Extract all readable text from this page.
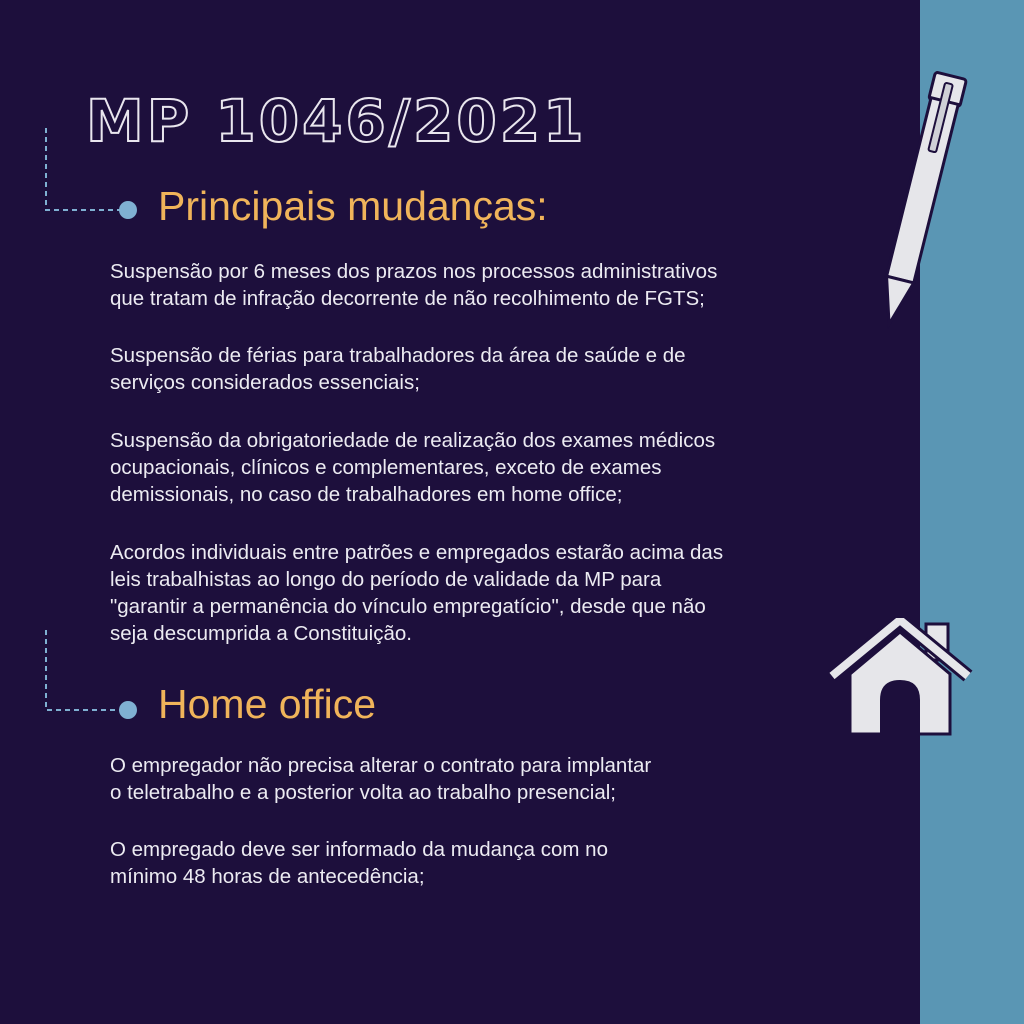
MP 1046/2021
Principais mudanças:

Suspensão por 6 meses dos prazos nos processos administrativos
que tratam de infração decorrente de não recolhimento de FGTS;

Suspensão de férias para trabalhadores da área de saúde e de
serviços considerados essenciais;

Suspensão da obrigatoriedade de realização dos exames médicos
ocupacionais, clínicos e complementares, exceto de exames
demissionais, no caso de trabalhadores em home office;

Acordos individuais entre patrões e empregados estarão acima das
leis trabalhistas ao longo do período de validade da MP para
"garantir a permanência do vínculo empregatício", desde que não
seja descumprida a Constituição.

Home office

O empregador não precisa alterar o contrato para implantar
o teletrabalho e a posterior volta ao trabalho presencial;

O empregado deve ser informado da mudança com no
mínimo 48 horas de antecedência;
